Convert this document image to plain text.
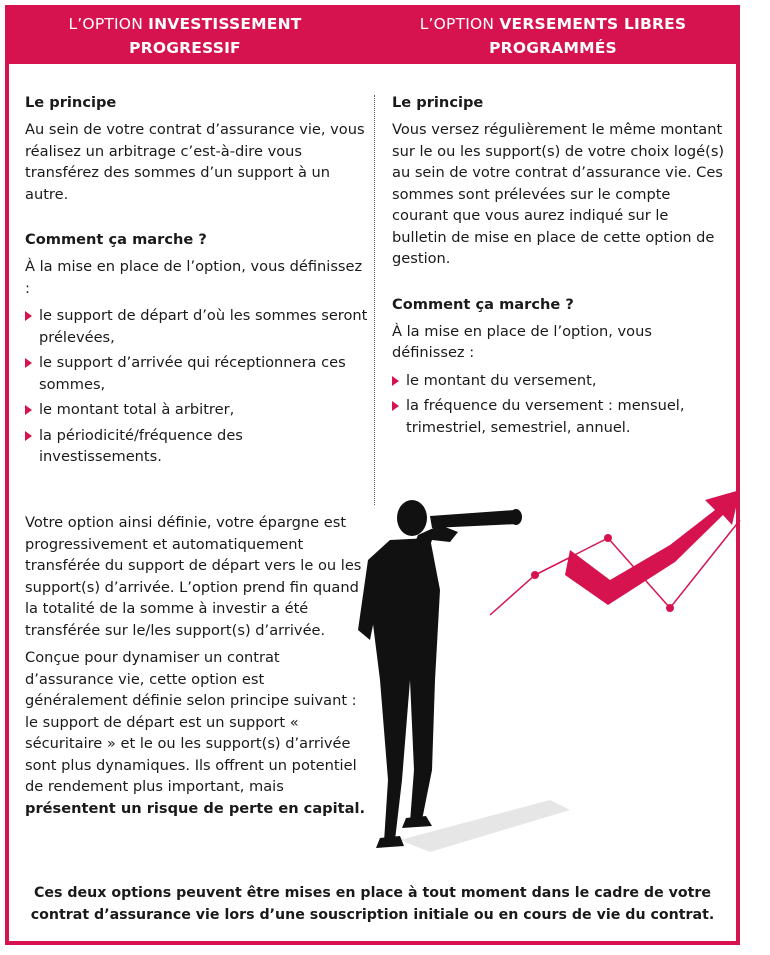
L’OPTION INVESTISSEMENT
PROGRESSIF
L’OPTION VERSEMENTS LIBRES
PROGRAMMÉS
Le principe

Au sein de votre contrat d’assurance vie, vous réalisez un arbitrage c’est-à-dire vous transférez des sommes d’un support à un autre.

Comment ça marche ?

À la mise en place de l’option, vous définissez :

le support de départ d’où les sommes seront prélevées,
le support d’arrivée qui réceptionnera ces sommes,
le montant total à arbitrer,
la périodicité/fréquence des investissements.
Le principe

Vous versez régulièrement le même montant sur le ou les support(s) de votre choix logé(s) au sein de votre contrat d’assurance vie. Ces sommes sont prélevées sur le compte courant que vous aurez indiqué sur le bulletin de mise en place de cette option de gestion.

Comment ça marche ?

À la mise en place de l’option, vous définissez :

le montant du versement,
la fréquence du versement : mensuel, trimestriel, semestriel, annuel.

Votre option ainsi définie, votre épargne est progressivement et automatiquement transférée du support de départ vers le ou les support(s) d’arrivée. L’option prend fin quand la totalité de la somme à investir a été transférée sur le/les support(s) d’arrivée.

Conçue pour dynamiser un contrat d’assurance vie, cette option est généralement définie selon principe suivant : le support de départ est un support « sécuritaire » et le ou les support(s) d’arrivée sont plus dynamiques. Ils offrent un potentiel de rendement plus important, mais présentent un risque de perte en capital.

Ces deux options peuvent être mises en place à tout moment dans le cadre de votre contrat d’assurance vie lors d’une souscription initiale ou en cours de vie du contrat.
